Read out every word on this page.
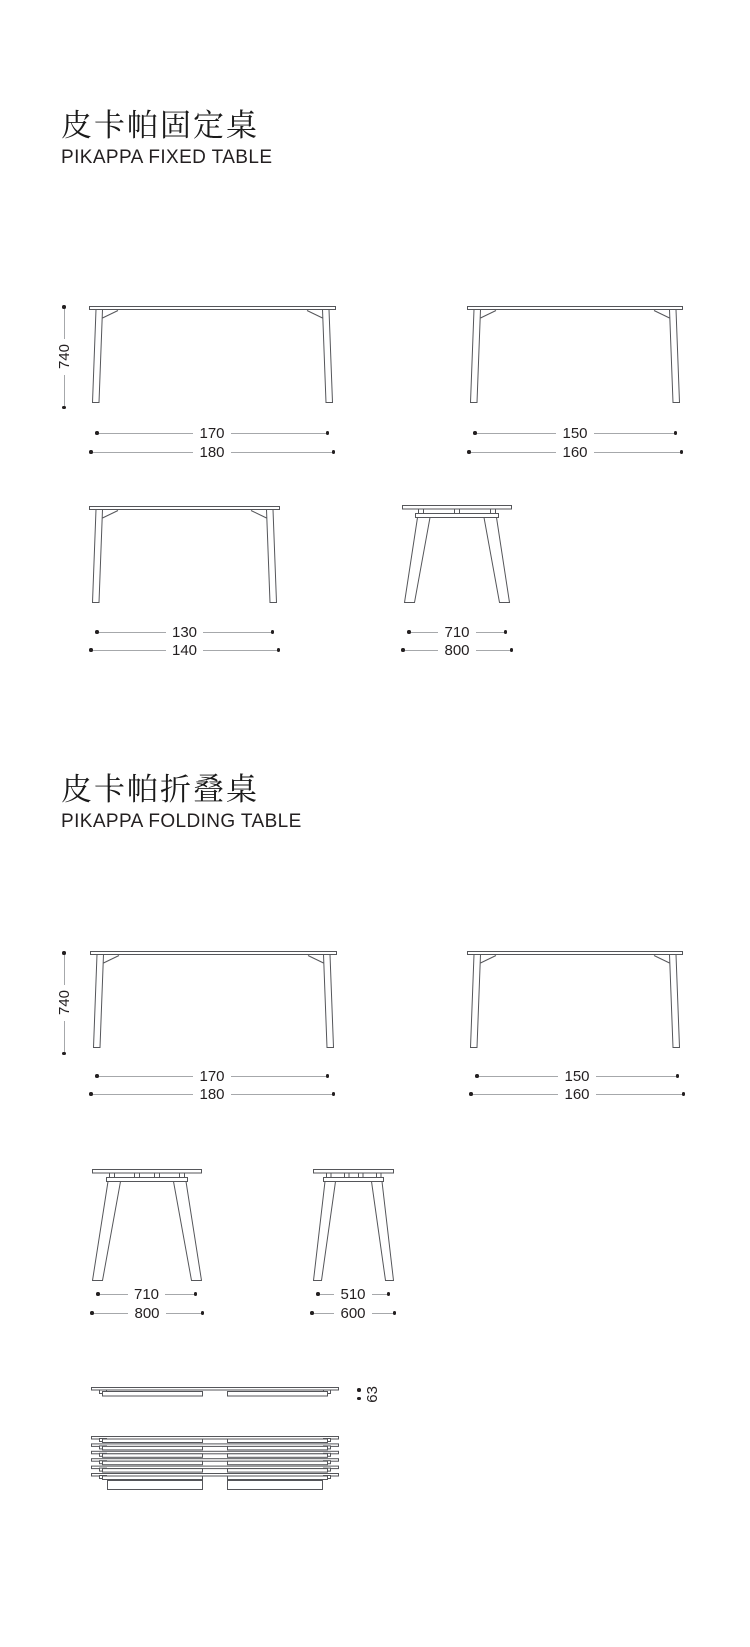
皮卡帕固定桌
PIKAPPA FIXED TABLE
740
170
180
150
160
130
140
710
800
皮卡帕折叠桌
PIKAPPA FOLDING TABLE
740
170
180
150
160
710
800
510
600
63
